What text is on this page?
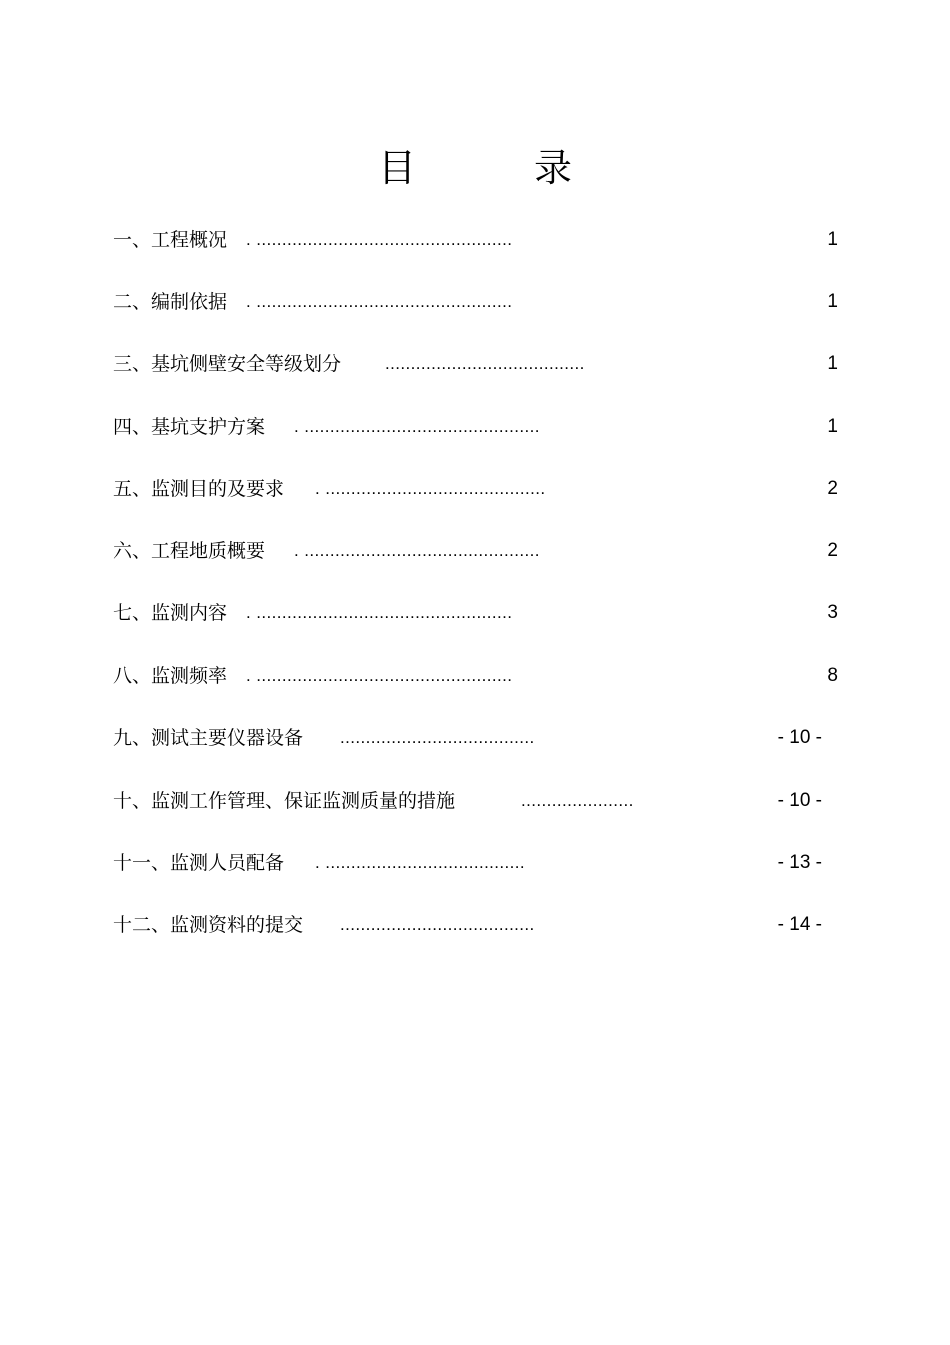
目　录
一、工程概况 . ..................................................	1
二、编制依据 . ..................................................	1
三、基坑侧壁安全等级划分	.......................................	1
四、基坑支护方案 . ..............................................	1
五、监测目的及要求 . ...........................................	2
六、工程地质概要 . ..............................................	2
七、监测内容 . ..................................................	3
八、监测频率 . ..................................................	8
九、测试主要仪器设备 ......................................	- 10 -
十、监测工作管理、保证监测质量的措施	......................	- 10 -
十一、监测人员配备 . .......................................	- 13 -
十二、监测资料的提交 ......................................	- 14 -
